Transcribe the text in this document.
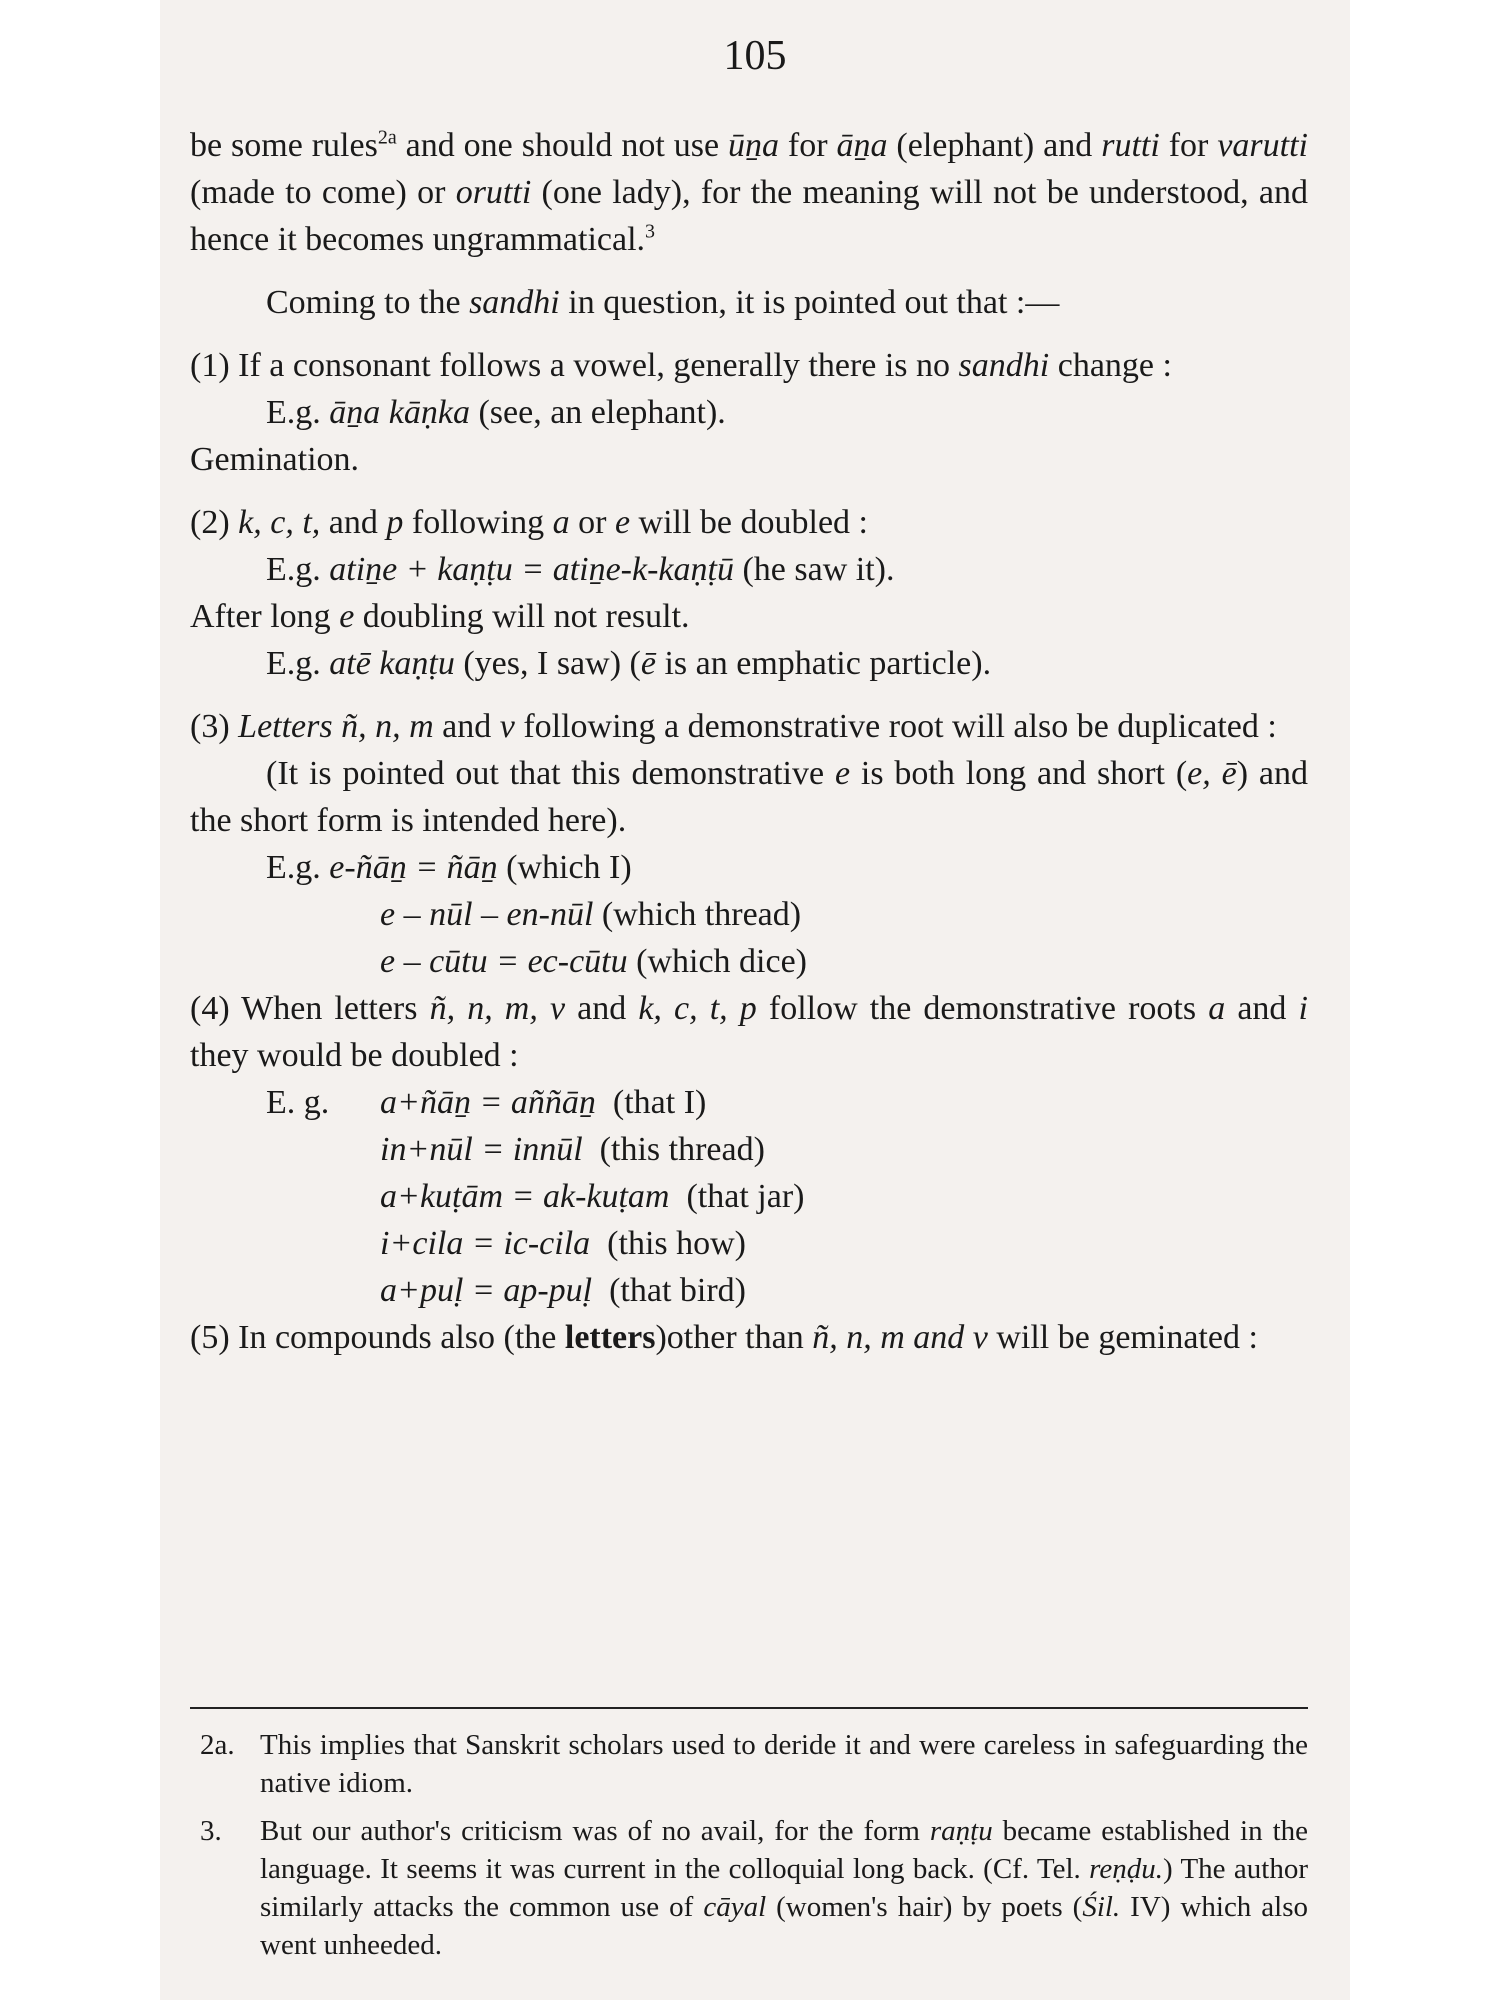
105

be some rules$^{2a}$ and one should not use ūṉa for āṉa (elephant) and rutti for varutti (made to come) or orutti (one lady), for the meaning will not be understood, and hence it becomes ungrammatical.$^3$

Coming to the sandhi in question, it is pointed out that :—

(1) If a consonant follows a vowel, generally there is no sandhi change :

E.g. āṉa kāṇka (see, an elephant).

Gemination.

(2) k, c, t, and p following a or e will be doubled :

E.g. atiṉe + kaṇṭu = atiṉe-k-kaṇṭū (he saw it).

After long e doubling will not result.

E.g. atē kaṇṭu (yes, I saw) (ē is an emphatic particle).

(3) Letters ñ, n, m and v following a demonstrative root will also be duplicated :

(It is pointed out that this demonstrative e is both long and short (e, ē) and the short form is intended here).

E.g. e-ñāṉ = ñāṉ (which I)

e – nūl – en-nūl (which thread)

e – cūtu = ec-cūtu (which dice)

(4) When letters ñ, n, m, v and k, c, t, p follow the demonstrative roots a and i they would be doubled :

E. g.	a+ñāṉ = aññāṉ (that I)

in+nūl = innūl (this thread)

a+kuṭām = ak-kuṭam (that jar)

i+cila = ic-cila (this how)

a+puḷ = ap-puḷ (that bird)

(5) In compounds also (the letters)other than ñ, n, m and v will be geminated :

2a. This implies that Sanskrit scholars used to deride it and were careless in safeguarding the native idiom.
3.	But our author's criticism was of no avail, for the form raṇṭu became established in the language. It seems it was current in the colloquial long back. (Cf. Tel. reṇḍu.) The author similarly attacks the common use of cāyal (women's hair) by poets (Śil. IV) which also went unheeded.
